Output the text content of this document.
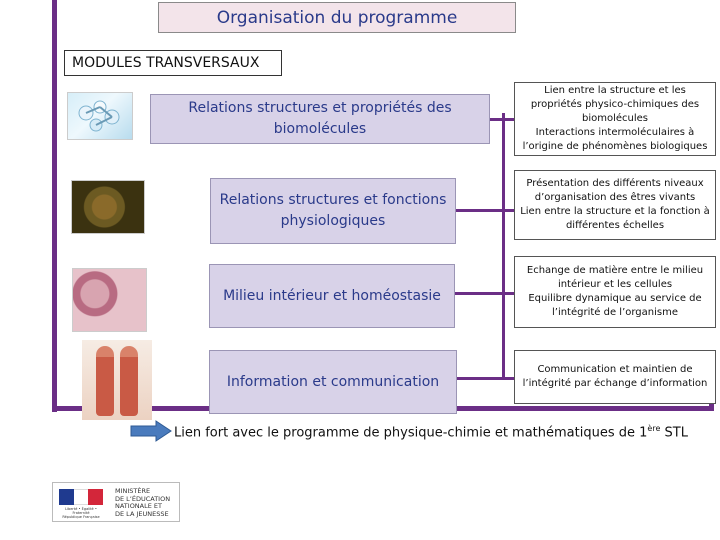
Organisation du programme
MODULES TRANSVERSAUX
Relations structures et propriétés des biomolécules
Relations structures et fonctions physiologiques
Milieu intérieur et homéostasie
Information et communication
Lien entre la structure et les propriétés physico-chimiques des biomolécules
Interactions intermoléculaires à l’origine de phénomènes biologiques
Présentation des différents niveaux d’organisation des êtres vivants
Lien entre la structure et la fonction à différentes échelles
Echange de matière entre le milieu intérieur et les cellules
Equilibre dynamique au service de l’intégrité de l’organisme
Communication et maintien de l’intégrité par échange d’information
Lien fort avec le programme de physique-chimie et mathématiques de 1ère STL
Liberté • Égalité • Fraternité
République Française
MINISTÈRE
DE L’ÉDUCATION
NATIONALE ET
DE LA JEUNESSE
